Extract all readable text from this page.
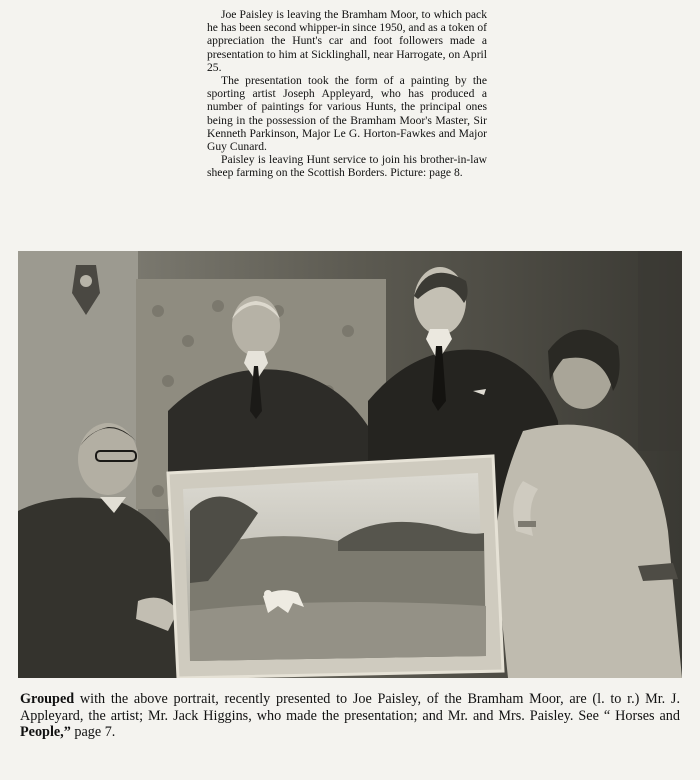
Joe Paisley is leaving the Bramham Moor, to which pack he has been second whipper-in since 1950, and as a token of appreciation the Hunt's car and foot followers made a presentation to him at Sicklinghall, near Harrogate, on April 25.

The presentation took the form of a painting by the sporting artist Joseph Appleyard, who has produced a number of paintings for various Hunts, the principal ones being in the possession of the Bramham Moor's Master, Sir Kenneth Parkinson, Major Le G. Horton-Fawkes and Major Guy Cunard.

Paisley is leaving Hunt service to join his brother-in-law sheep farming on the Scottish Borders. Picture: page 8.

Grouped with the above portrait, recently presented to Joe Paisley, of the Bramham Moor, are (l. to r.) Mr. J. Appleyard, the artist; Mr. Jack Higgins, who made the presentation; and Mr. and Mrs. Paisley. See “ Horses and People,” page 7.
